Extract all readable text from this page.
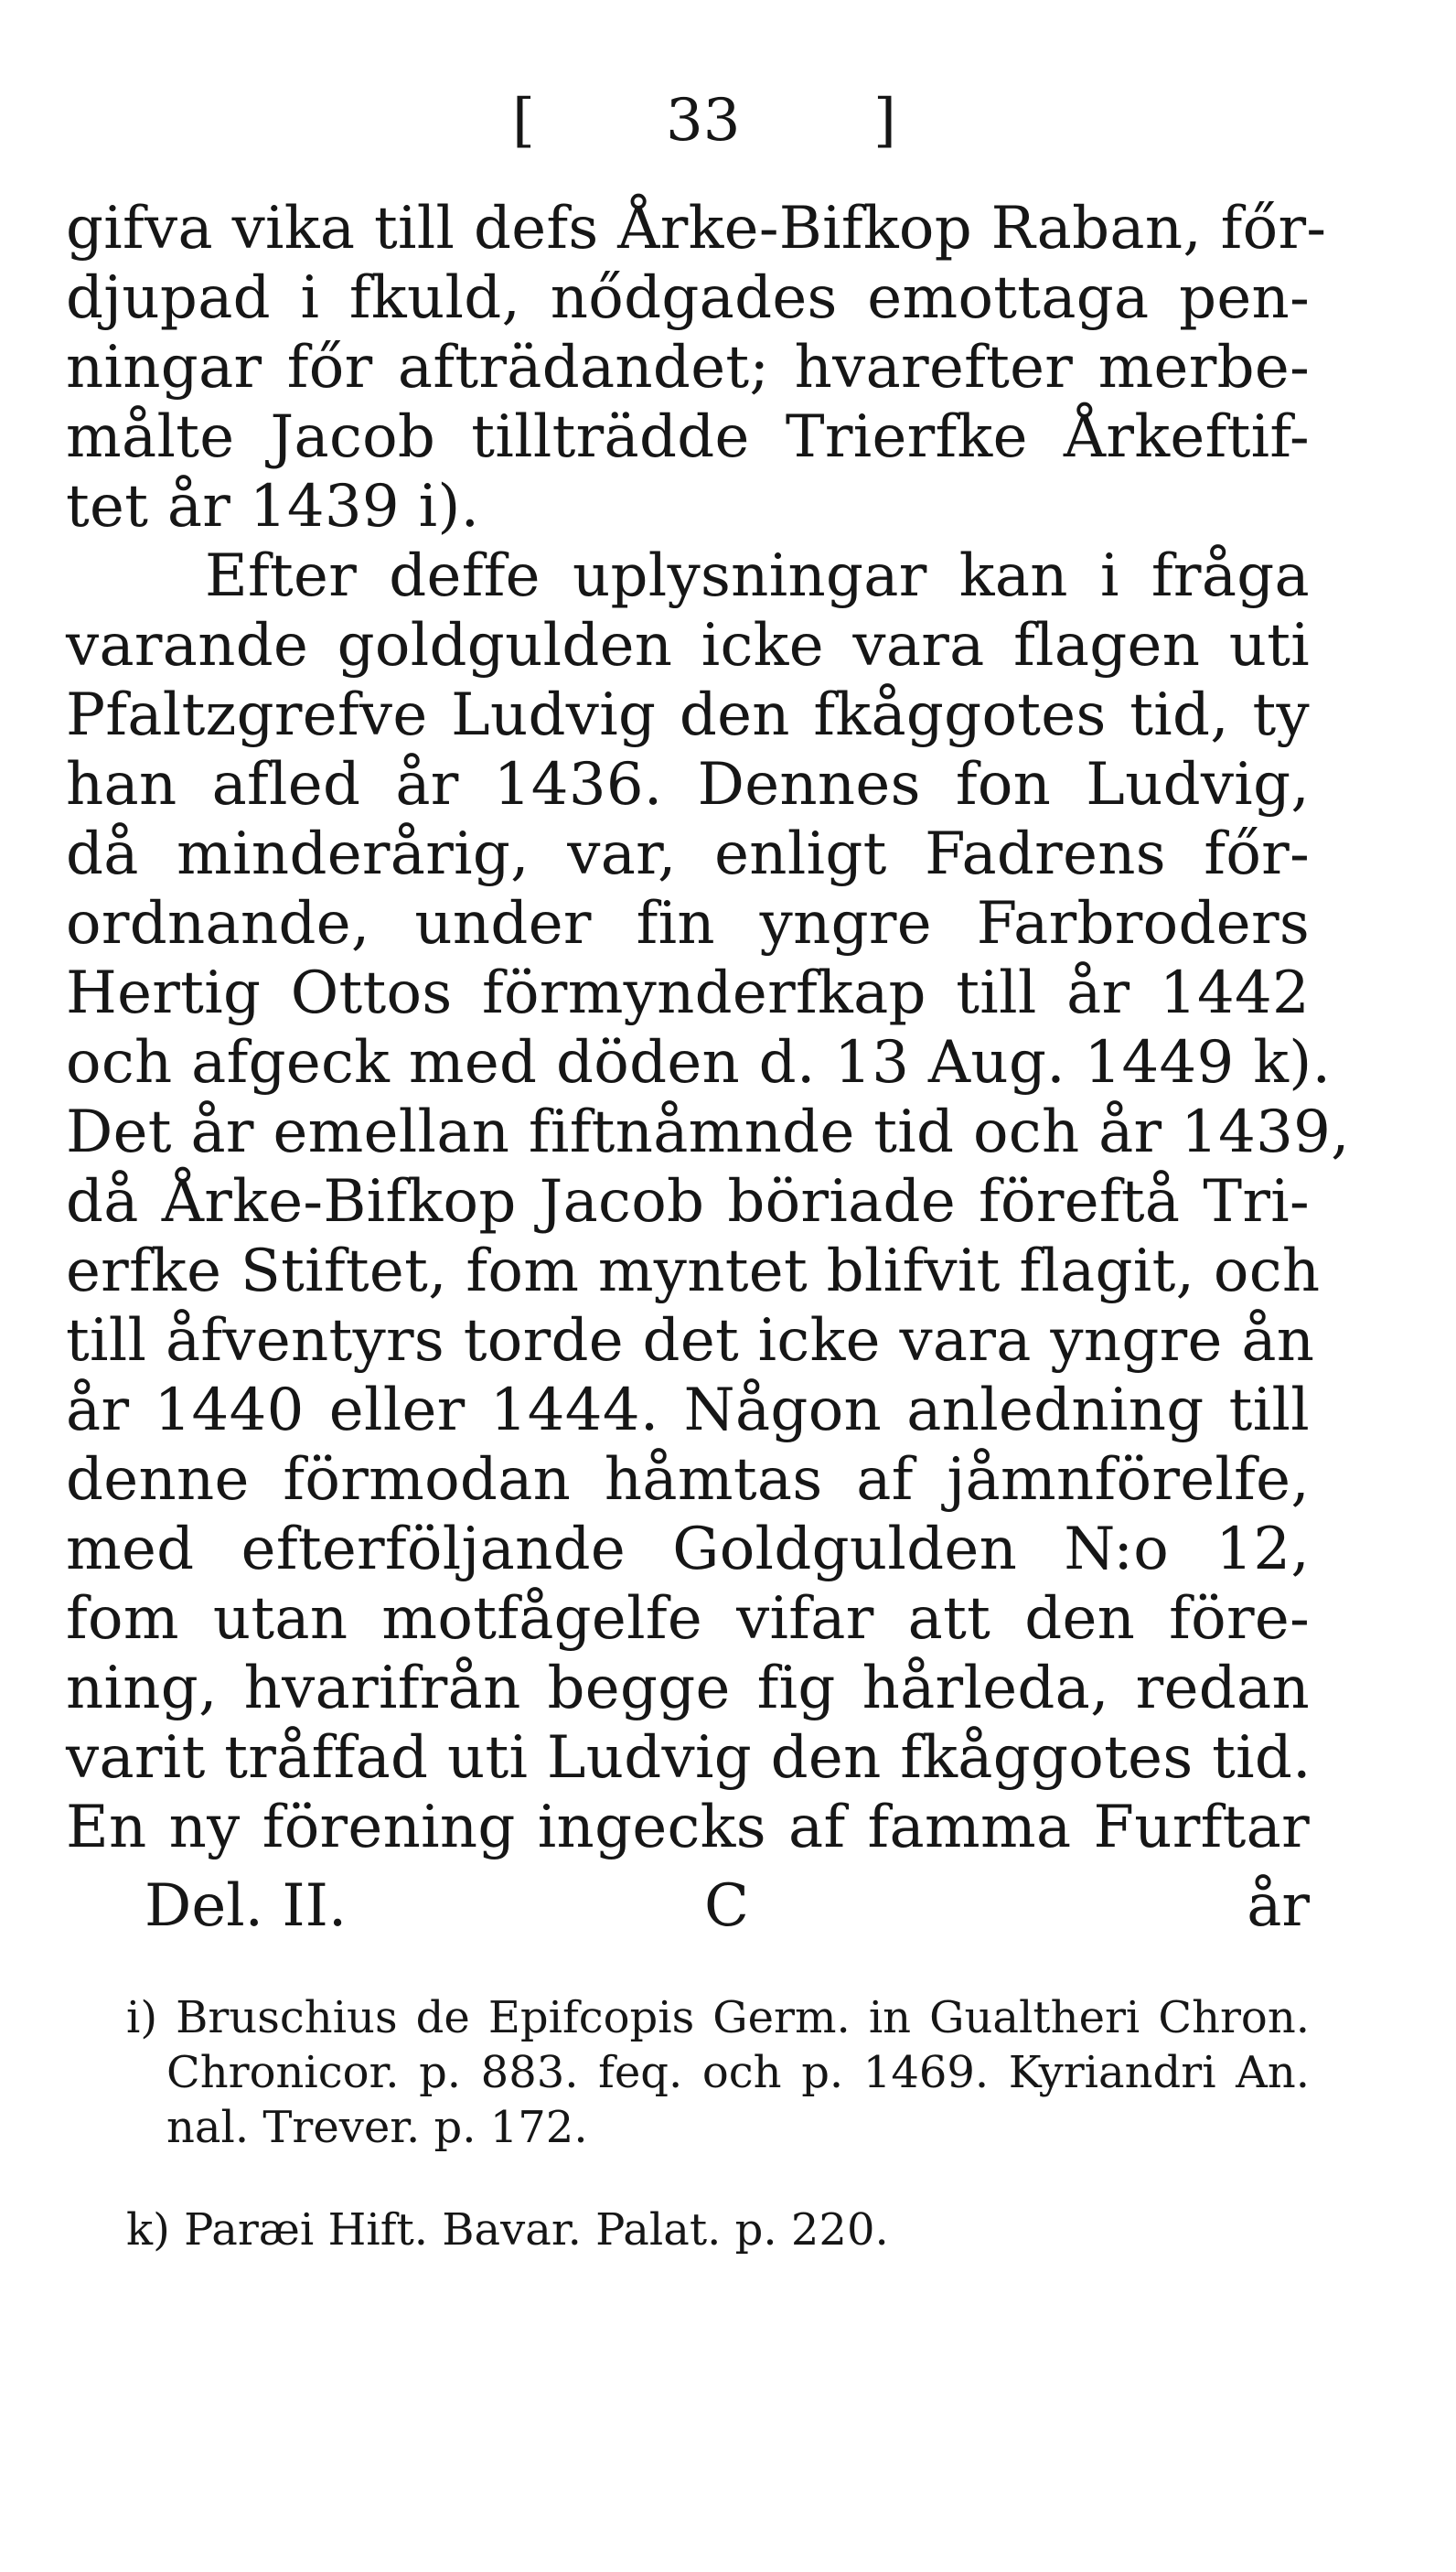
[ 33 ]
gifva vika till defs Årke-Bifkop Raban, főr-
djupad i fkuld, nődgades emottaga pen-
ningar főr afträdandet; hvarefter merbe-
målte Jacob tillträdde Trierfke Årkeftif-
tet år 1439 i).
Efter deffe uplysningar kan i fråga
varande goldgulden icke vara flagen uti
Pfaltzgrefve Ludvig den fkåggotes tid, ty
han afled år 1436. Dennes fon Ludvig,
då minderårig, var, enligt Fadrens főr-
ordnande, under fin yngre Farbroders
Hertig Ottos förmynderfkap till år 1442
och afgeck med döden d. 13 Aug. 1449 k).
Det år emellan fiftnåmnde tid och år 1439,
då Årke-Bifkop Jacob böriade föreftå Tri-
erfke Stiftet, fom myntet blifvit flagit, och
till åfventyrs torde det icke vara yngre ån
år 1440 eller 1444. Någon anledning till
denne förmodan håmtas af jåmnförelfe,
med efterföljande Goldgulden N:o 12,
fom utan motfågelfe vifar att den före-
ning, hvarifrån begge fig hårleda, redan
varit tråffad uti Ludvig den fkåggotes tid.
En ny förening ingecks af famma Furftar
Del. II.	C	år
i) Bruschius de Epifcopis Germ. in Gualtheri Chron.
Chronicor. p. 883. feq. och p. 1469. Kyriandri An.
nal. Trever. p. 172.
k) Paræi Hift. Bavar. Palat. p. 220.
